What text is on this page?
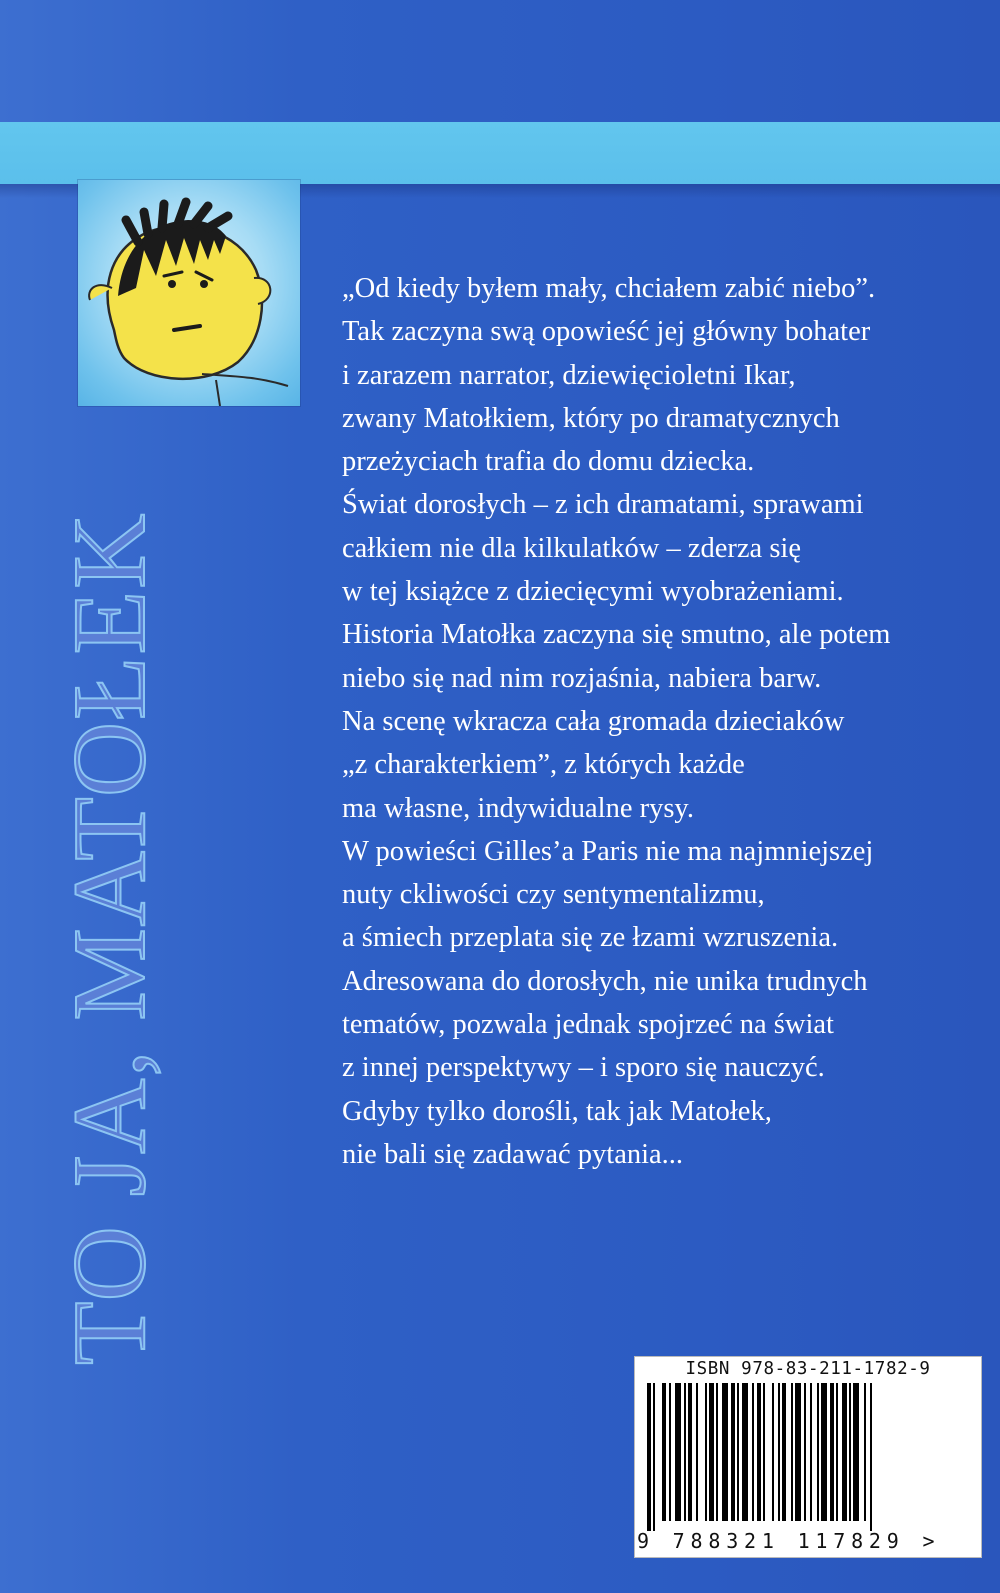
TO JA, MATOŁEK
„Od kiedy byłem mały, chciałem zabić niebo”.
Tak zaczyna swą opowieść jej główny bohater
i zarazem narrator, dziewięcioletni Ikar,
zwany Matołkiem, który po dramatycznych
przeżyciach trafia do domu dziecka.
Świat dorosłych – z ich dramatami, sprawami
całkiem nie dla kilkulatków – zderza się
w tej książce z dziecięcymi wyobrażeniami.
Historia Matołka zaczyna się smutno, ale potem
niebo się nad nim rozjaśnia, nabiera barw.
Na scenę wkracza cała gromada dzieciaków
„z charakterkiem”, z których każde
ma własne, indywidualne rysy.
W powieści Gilles’a Paris nie ma najmniejszej
nuty ckliwości czy sentymentalizmu,
a śmiech przeplata się ze łzami wzruszenia.
Adresowana do dorosłych, nie unika trudnych
tematów, pozwala jednak spojrzeć na świat
z innej perspektywy – i sporo się nauczyć.
Gdyby tylko dorośli, tak jak Matołek,
nie bali się zadawać pytania...
ISBN 978-83-211-1782-9
9 788321 117829 >
